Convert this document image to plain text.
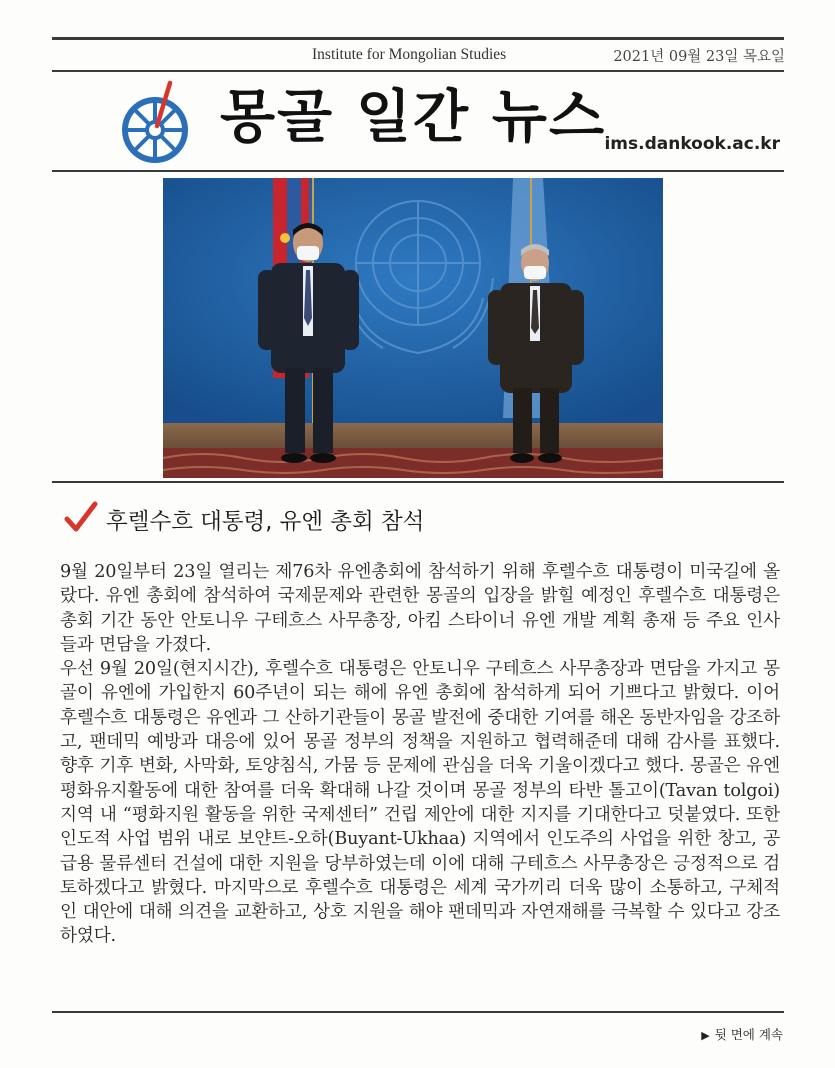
Institute for Mongolian Studies	2021년 09월 23일 목요일
몽골 일간 뉴스
ims.dankook.ac.kr
후렐수흐 대통령, 유엔 총회 참석

9월 20일부터 23일 열리는 제76차 유엔총회에 참석하기 위해 후렐수흐 대통령이 미국길에 올랐다. 유엔 총회에 참석하여 국제문제와 관련한 몽골의 입장을 밝힐 예정인 후렐수흐 대통령은 총회 기간 동안 안토니우 구테흐스 사무총장, 아킴 스타이너 유엔 개발 계획 총재 등 주요 인사들과 면담을 가졌다.

우선 9월 20일(현지시간), 후렐수흐 대통령은 안토니우 구테흐스 사무총장과 면담을 가지고 몽골이 유엔에 가입한지 60주년이 되는 해에 유엔 총회에 참석하게 되어 기쁘다고 밝혔다. 이어 후렐수흐 대통령은 유엔과 그 산하기관들이 몽골 발전에 중대한 기여를 해온 동반자임을 강조하고, 팬데믹 예방과 대응에 있어 몽골 정부의 정책을 지원하고 협력해준데 대해 감사를 표했다. 향후 기후 변화, 사막화, 토양침식, 가뭄 등 문제에 관심을 더욱 기울이겠다고 했다. 몽골은 유엔 평화유지활동에 대한 참여를 더욱 확대해 나갈 것이며 몽골 정부의 타반 톨고이(Tavan tolgoi) 지역 내 “평화지원 활동을 위한 국제센터” 건립 제안에 대한 지지를 기대한다고 덧붙였다. 또한 인도적 사업 범위 내로 보얀트-오하(Buyant-Ukhaa) 지역에서 인도주의 사업을 위한 창고, 공급용 물류센터 건설에 대한 지원을 당부하였는데 이에 대해 구테흐스 사무총장은 긍정적으로 검토하겠다고 밝혔다. 마지막으로 후렐수흐 대통령은 세계 국가끼리 더욱 많이 소통하고, 구체적인 대안에 대해 의견을 교환하고, 상호 지원을 해야 팬데믹과 자연재해를 극복할 수 있다고 강조하였다.

▶ 뒷 면에 계속
